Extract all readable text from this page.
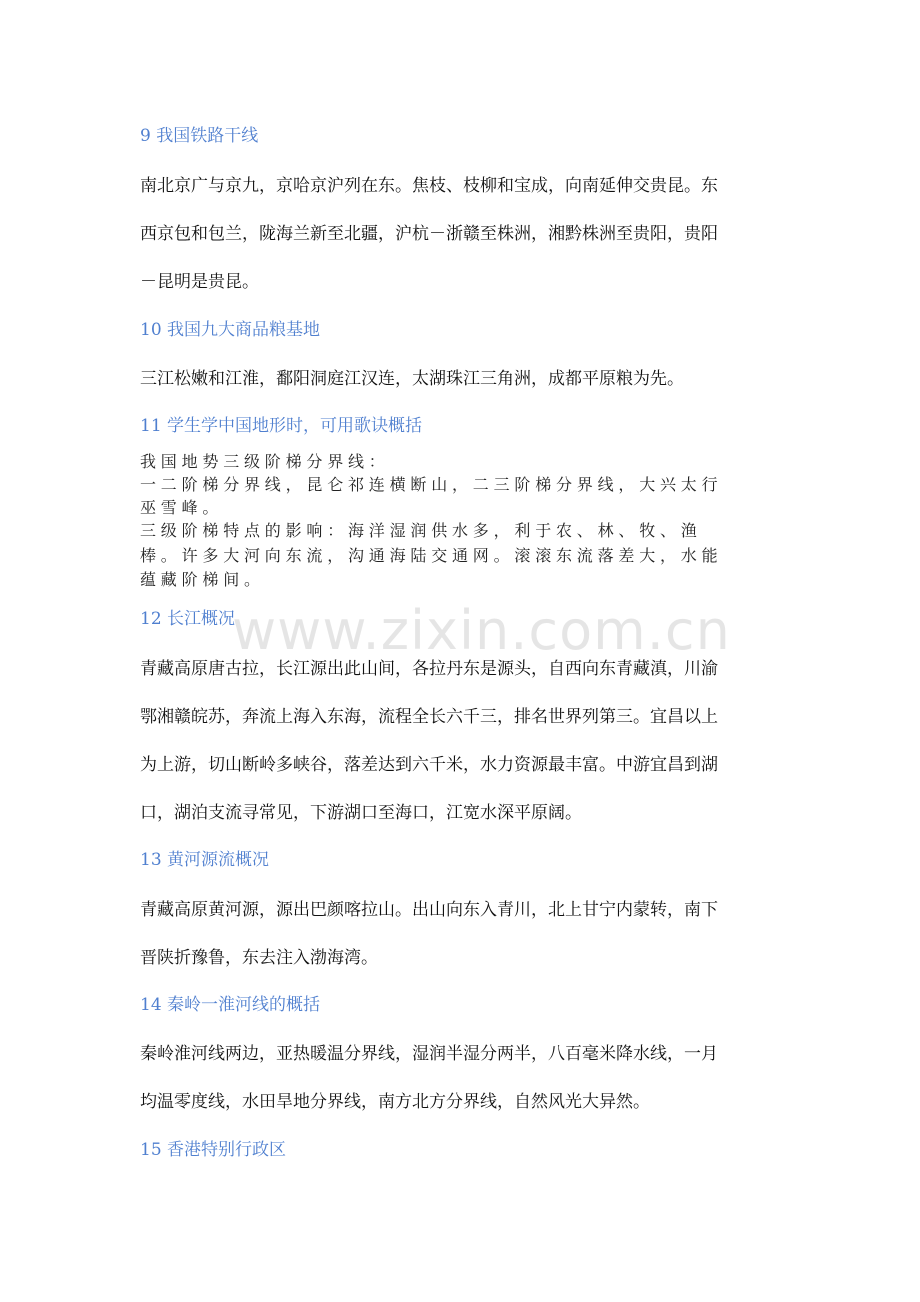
9 我国铁路干线
南北京广与京九，京哈京沪列在东。焦枝、枝柳和宝成，向南延伸交贵昆。东
西京包和包兰，陇海兰新至北疆，沪杭－浙赣至株洲，湘黔株洲至贵阳，贵阳
－昆明是贵昆。
10 我国九大商品粮基地
三江松嫩和江淮，鄱阳洞庭江汉连，太湖珠江三角洲，成都平原粮为先。
11 学生学中国地形时，可用歌诀概括
我国地势三级阶梯分界线：
一二阶梯分界线，昆仑祁连横断山，二三阶梯分界线，大兴太行
巫雪峰。
三级阶梯特点的影响：海洋湿润供水多，利于农、林、牧、渔
棒。许多大河向东流，沟通海陆交通网。滚滚东流落差大，水能
蕴藏阶梯间。
12 长江概况
青藏高原唐古拉，长江源出此山间，各拉丹东是源头，自西向东青藏滇，川渝
鄂湘赣皖苏，奔流上海入东海，流程全长六千三，排名世界列第三。宜昌以上
为上游，切山断岭多峡谷，落差达到六千米，水力资源最丰富。中游宜昌到湖
口，湖泊支流寻常见，下游湖口至海口，江宽水深平原阔。
13 黄河源流概况
青藏高原黄河源，源出巴颜喀拉山。出山向东入青川，北上甘宁内蒙转，南下
晋陕折豫鲁，东去注入渤海湾。
14 秦岭一淮河线的概括
秦岭淮河线两边，亚热暖温分界线，湿润半湿分两半，八百毫米降水线，一月
均温零度线，水田旱地分界线，南方北方分界线，自然风光大异然。
15 香港特别行政区
www.zixin.com.cn
